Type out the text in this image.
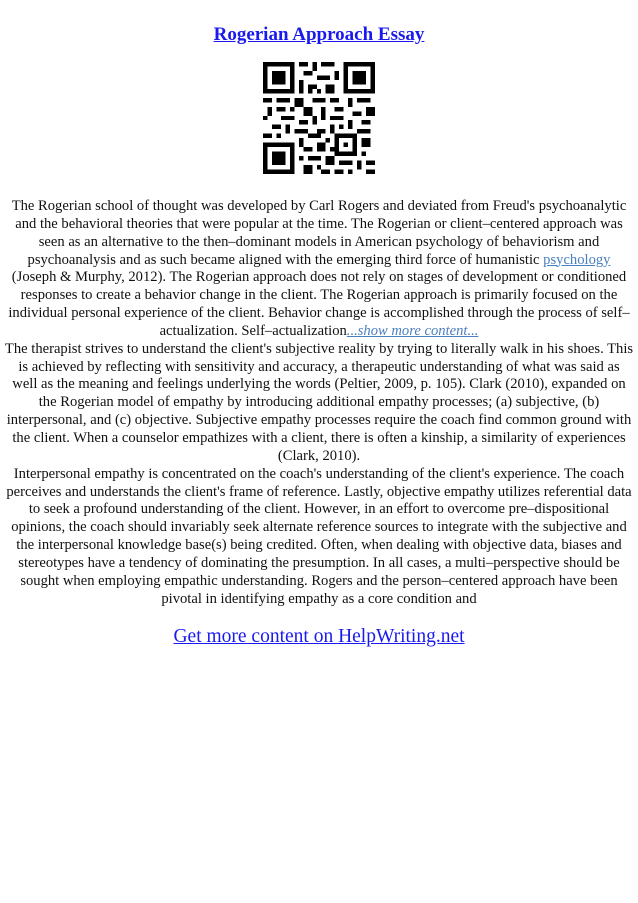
Rogerian Approach Essay

The Rogerian school of thought was developed by Carl Rogers and deviated from Freud's psychoanalytic and the behavioral theories that were popular at the time. The Rogerian or client–centered approach was seen as an alternative to the then–dominant models in American psychology of behaviorism and psychoanalysis and as such became aligned with the emerging third force of humanistic psychology (Joseph & Murphy, 2012). The Rogerian approach does not rely on stages of development or conditioned responses to create a behavior change in the client. The Rogerian approach is primarily focused on the individual personal experience of the client. Behavior change is accomplished through the process of self–actualization. Self–actualization...show more content...

The therapist strives to understand the client's subjective reality by trying to literally walk in his shoes. This is achieved by reflecting with sensitivity and accuracy, a therapeutic understanding of what was said as well as the meaning and feelings underlying the words (Peltier, 2009, p. 105). Clark (2010), expanded on the Rogerian model of empathy by introducing additional empathy processes; (a) subjective, (b) interpersonal, and (c) objective. Subjective empathy processes require the coach find common ground with the client. When a counselor empathizes with a client, there is often a kinship, a similarity of experiences (Clark, 2010).

Interpersonal empathy is concentrated on the coach's understanding of the client's experience. The coach perceives and understands the client's frame of reference. Lastly, objective empathy utilizes referential data to seek a profound understanding of the client. However, in an effort to overcome pre–dispositional opinions, the coach should invariably seek alternate reference sources to integrate with the subjective and the interpersonal knowledge base(s) being credited. Often, when dealing with objective data, biases and stereotypes have a tendency of dominating the presumption. In all cases, a multi–perspective should be sought when employing empathic understanding. Rogers and the person–centered approach have been pivotal in identifying empathy as a core condition and

Get more content on HelpWriting.net
